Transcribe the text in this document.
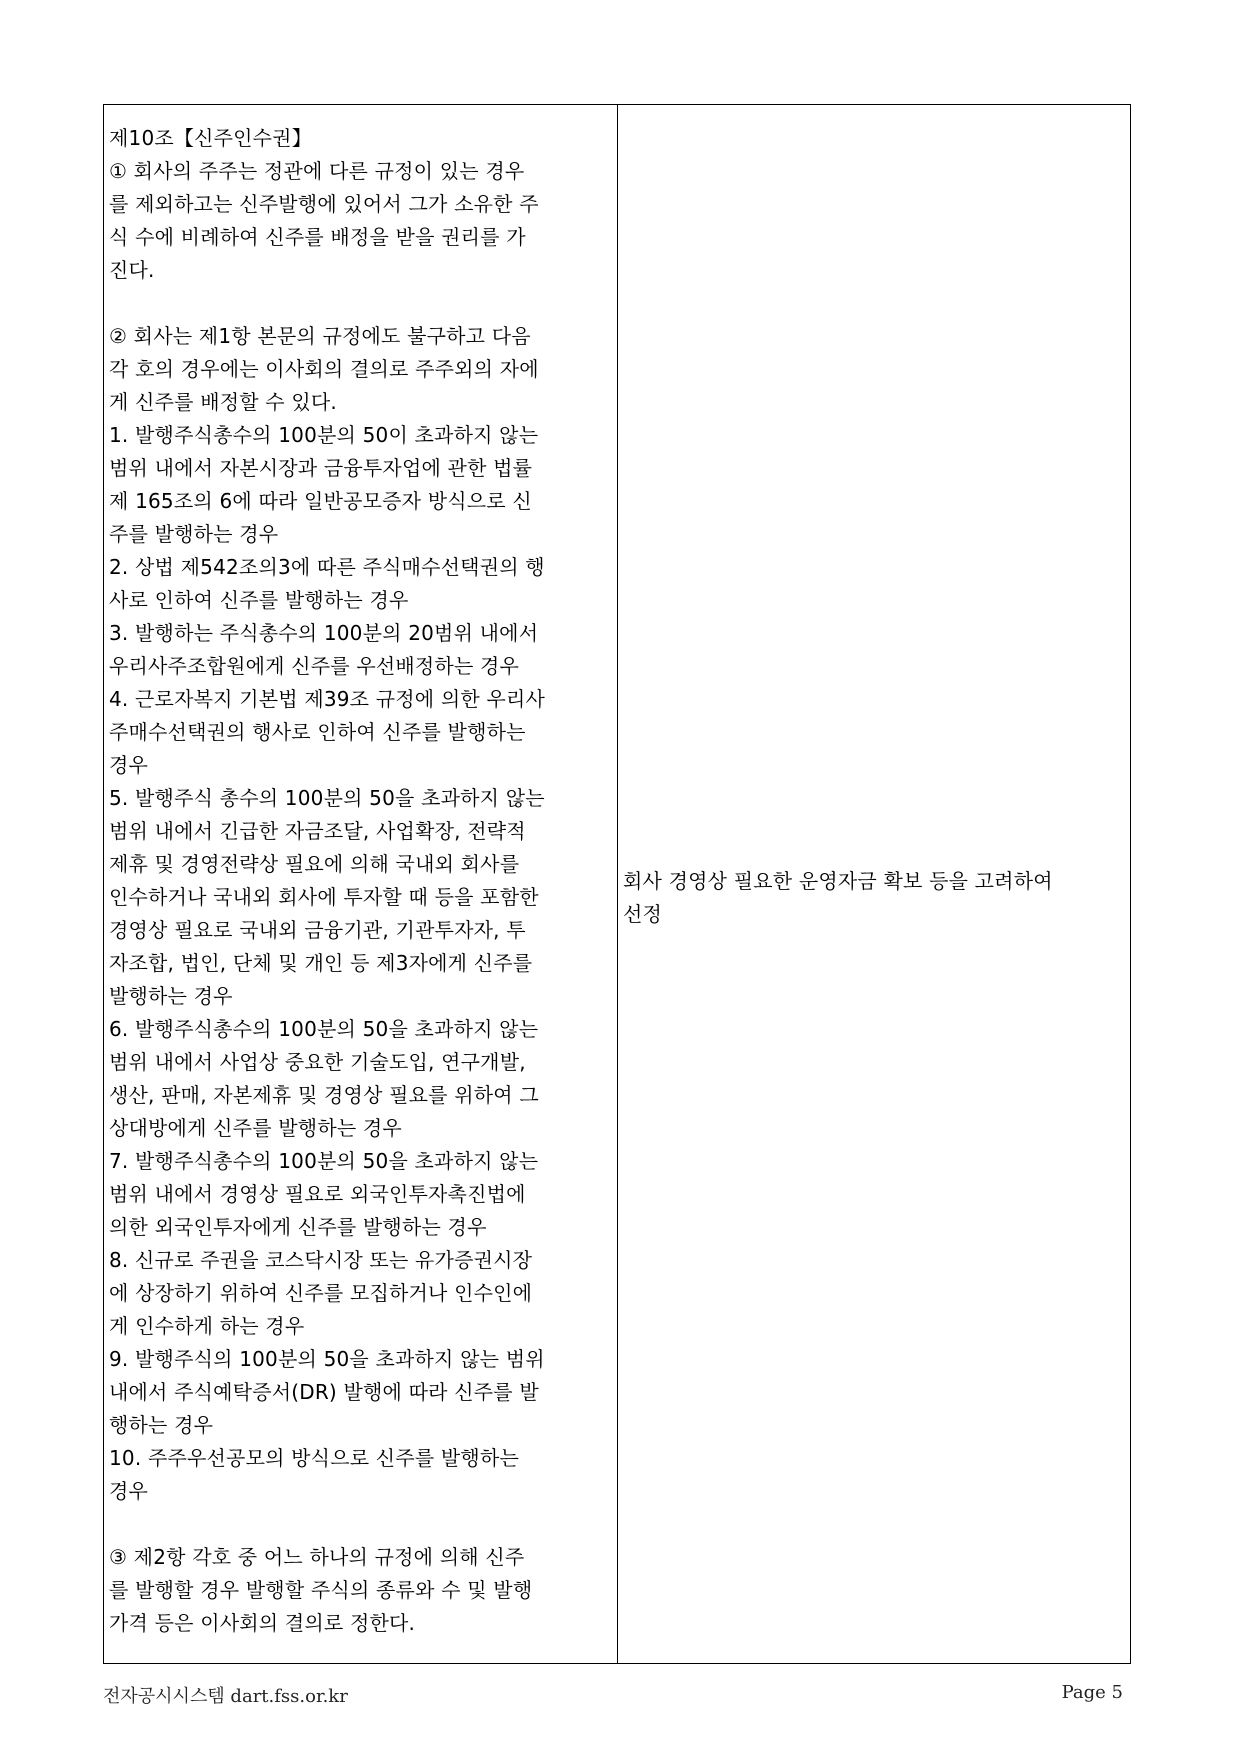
제10조【신주인수권】
① 회사의 주주는 정관에 다른 규정이 있는 경우
를 제외하고는 신주발행에 있어서 그가 소유한 주
식 수에 비례하여 신주를 배정을 받을 권리를 가
진다.
② 회사는 제1항 본문의 규정에도 불구하고 다음
각 호의 경우에는 이사회의 결의로 주주외의 자에
게 신주를 배정할 수 있다.
1. 발행주식총수의 100분의 50이 초과하지 않는
범위 내에서 자본시장과 금융투자업에 관한 법률
제 165조의 6에 따라 일반공모증자 방식으로 신
주를 발행하는 경우
2. 상법 제542조의3에 따른 주식매수선택권의 행
사로 인하여 신주를 발행하는 경우
3. 발행하는 주식총수의 100분의 20범위 내에서
우리사주조합원에게 신주를 우선배정하는 경우
4. 근로자복지 기본법 제39조 규정에 의한 우리사
주매수선택권의 행사로 인하여 신주를 발행하는
경우
5. 발행주식 총수의 100분의 50을 초과하지 않는
범위 내에서 긴급한 자금조달, 사업확장, 전략적
제휴 및 경영전략상 필요에 의해 국내외 회사를
인수하거나 국내외 회사에 투자할 때 등을 포함한
경영상 필요로 국내외 금융기관, 기관투자자, 투
자조합, 법인, 단체 및 개인 등 제3자에게 신주를
발행하는 경우
6. 발행주식총수의 100분의 50을 초과하지 않는
범위 내에서 사업상 중요한 기술도입, 연구개발,
생산, 판매, 자본제휴 및 경영상 필요를 위하여 그
상대방에게 신주를 발행하는 경우
7. 발행주식총수의 100분의 50을 초과하지 않는
범위 내에서 경영상 필요로 외국인투자촉진법에
의한 외국인투자에게 신주를 발행하는 경우
8. 신규로 주권을 코스닥시장 또는 유가증권시장
에 상장하기 위하여 신주를 모집하거나 인수인에
게 인수하게 하는 경우
9. 발행주식의 100분의 50을 초과하지 않는 범위
내에서 주식예탁증서(DR) 발행에 따라 신주를 발
행하는 경우
10. 주주우선공모의 방식으로 신주를 발행하는
경우
③ 제2항 각호 중 어느 하나의 규정에 의해 신주
를 발행할 경우 발행할 주식의 종류와 수 및 발행
가격 등은 이사회의 결의로 정한다.
회사 경영상 필요한 운영자금 확보 등을 고려하여
선정
전자공시시스템 dart.fss.or.kr	Page 5
